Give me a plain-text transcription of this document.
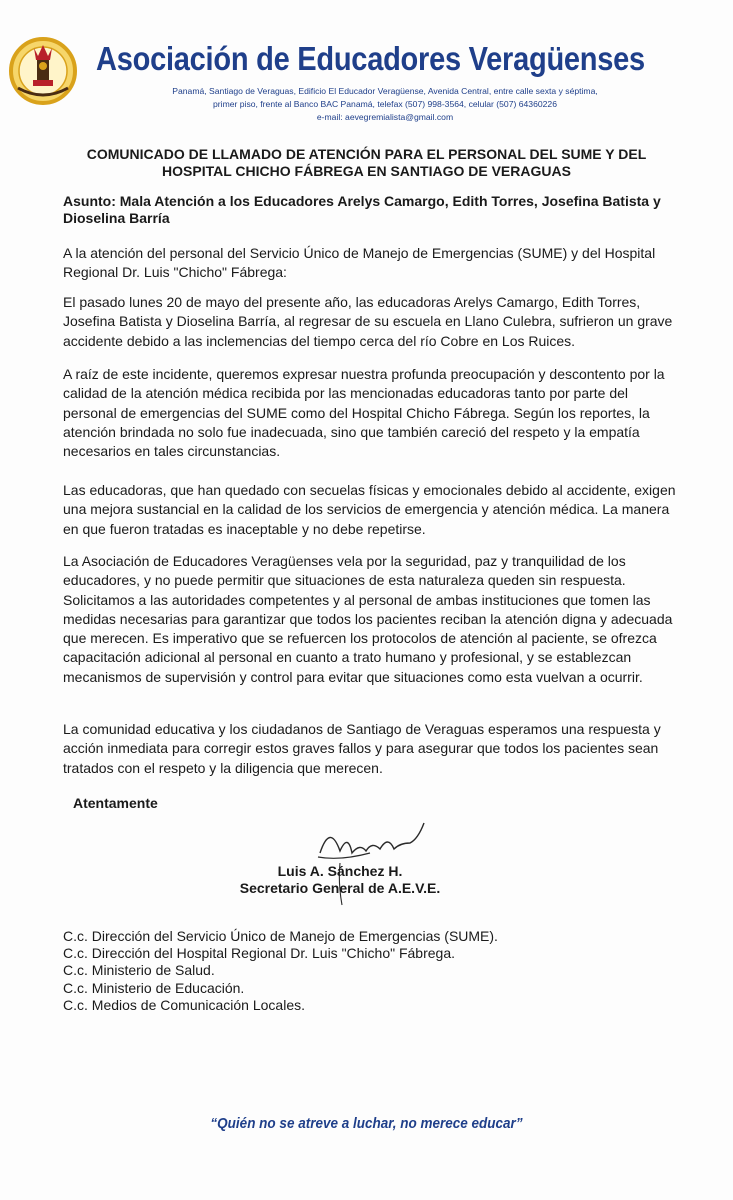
Asociación de Educadores Veragüenses
Panamá, Santiago de Veraguas, Edificio El Educador Veragüense, Avenida Central, entre calle sexta y séptima,
primer piso, frente al Banco BAC Panamá, telefax (507) 998-3564, celular (507) 64360226
e-mail: aevegremialista@gmail.com
COMUNICADO DE LLAMADO DE ATENCIÓN PARA EL PERSONAL DEL SUME Y DEL
HOSPITAL CHICHO FÁBREGA EN SANTIAGO DE VERAGUAS
Asunto: Mala Atención a los Educadores Arelys Camargo, Edith Torres, Josefina Batista y Dioselina Barría

A la atención del personal del Servicio Único de Manejo de Emergencias (SUME) y del Hospital Regional Dr. Luis "Chicho" Fábrega:

El pasado lunes 20 de mayo del presente año, las educadoras Arelys Camargo, Edith Torres, Josefina Batista y Dioselina Barría, al regresar de su escuela en Llano Culebra, sufrieron un grave accidente debido a las inclemencias del tiempo cerca del río Cobre en Los Ruices.

A raíz de este incidente, queremos expresar nuestra profunda preocupación y descontento por la calidad de la atención médica recibida por las mencionadas educadoras tanto por parte del personal de emergencias del SUME como del Hospital Chicho Fábrega. Según los reportes, la atención brindada no solo fue inadecuada, sino que también careció del respeto y la empatía necesarios en tales circunstancias.

Las educadoras, que han quedado con secuelas físicas y emocionales debido al accidente, exigen una mejora sustancial en la calidad de los servicios de emergencia y atención médica. La manera en que fueron tratadas es inaceptable y no debe repetirse.

La Asociación de Educadores Veragüenses vela por la seguridad, paz y tranquilidad de los educadores, y no puede permitir que situaciones de esta naturaleza queden sin respuesta. Solicitamos a las autoridades competentes y al personal de ambas instituciones que tomen las medidas necesarias para garantizar que todos los pacientes reciban la atención digna y adecuada que merecen. Es imperativo que se refuercen los protocolos de atención al paciente, se ofrezca capacitación adicional al personal en cuanto a trato humano y profesional, y se establezcan mecanismos de supervisión y control para evitar que situaciones como esta vuelvan a ocurrir.

La comunidad educativa y los ciudadanos de Santiago de Veraguas esperamos una respuesta y acción inmediata para corregir estos graves fallos y para asegurar que todos los pacientes sean tratados con el respeto y la diligencia que merecen.

Atentamente
Luis A. Sánchez H.
Secretario General de A.E.V.E.
C.c. Dirección del Servicio Único de Manejo de Emergencias (SUME).
C.c. Dirección del Hospital Regional Dr. Luis "Chicho" Fábrega.
C.c. Ministerio de Salud.
C.c. Ministerio de Educación.
C.c. Medios de Comunicación Locales.
“Quién no se atreve a luchar, no merece educar”
